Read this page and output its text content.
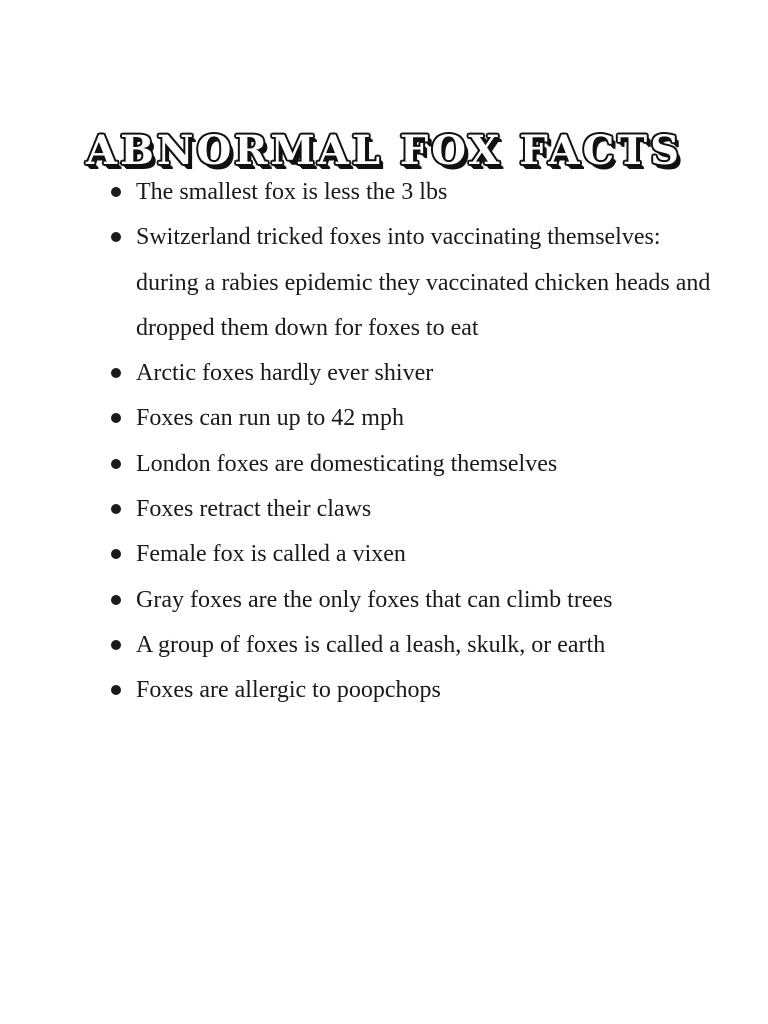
ABNORMAL FOX FACTS
The smallest fox is less the 3 lbs
Switzerland tricked foxes into vaccinating themselves: during a rabies epidemic they vaccinated chicken heads and dropped them down for foxes to eat
Arctic foxes hardly ever shiver
Foxes can run up to 42 mph
London foxes are domesticating themselves
Foxes retract their claws
Female fox is called a vixen
Gray foxes are the only foxes that can climb trees
A group of foxes is called a leash, skulk, or earth
Foxes are allergic to poopchops
